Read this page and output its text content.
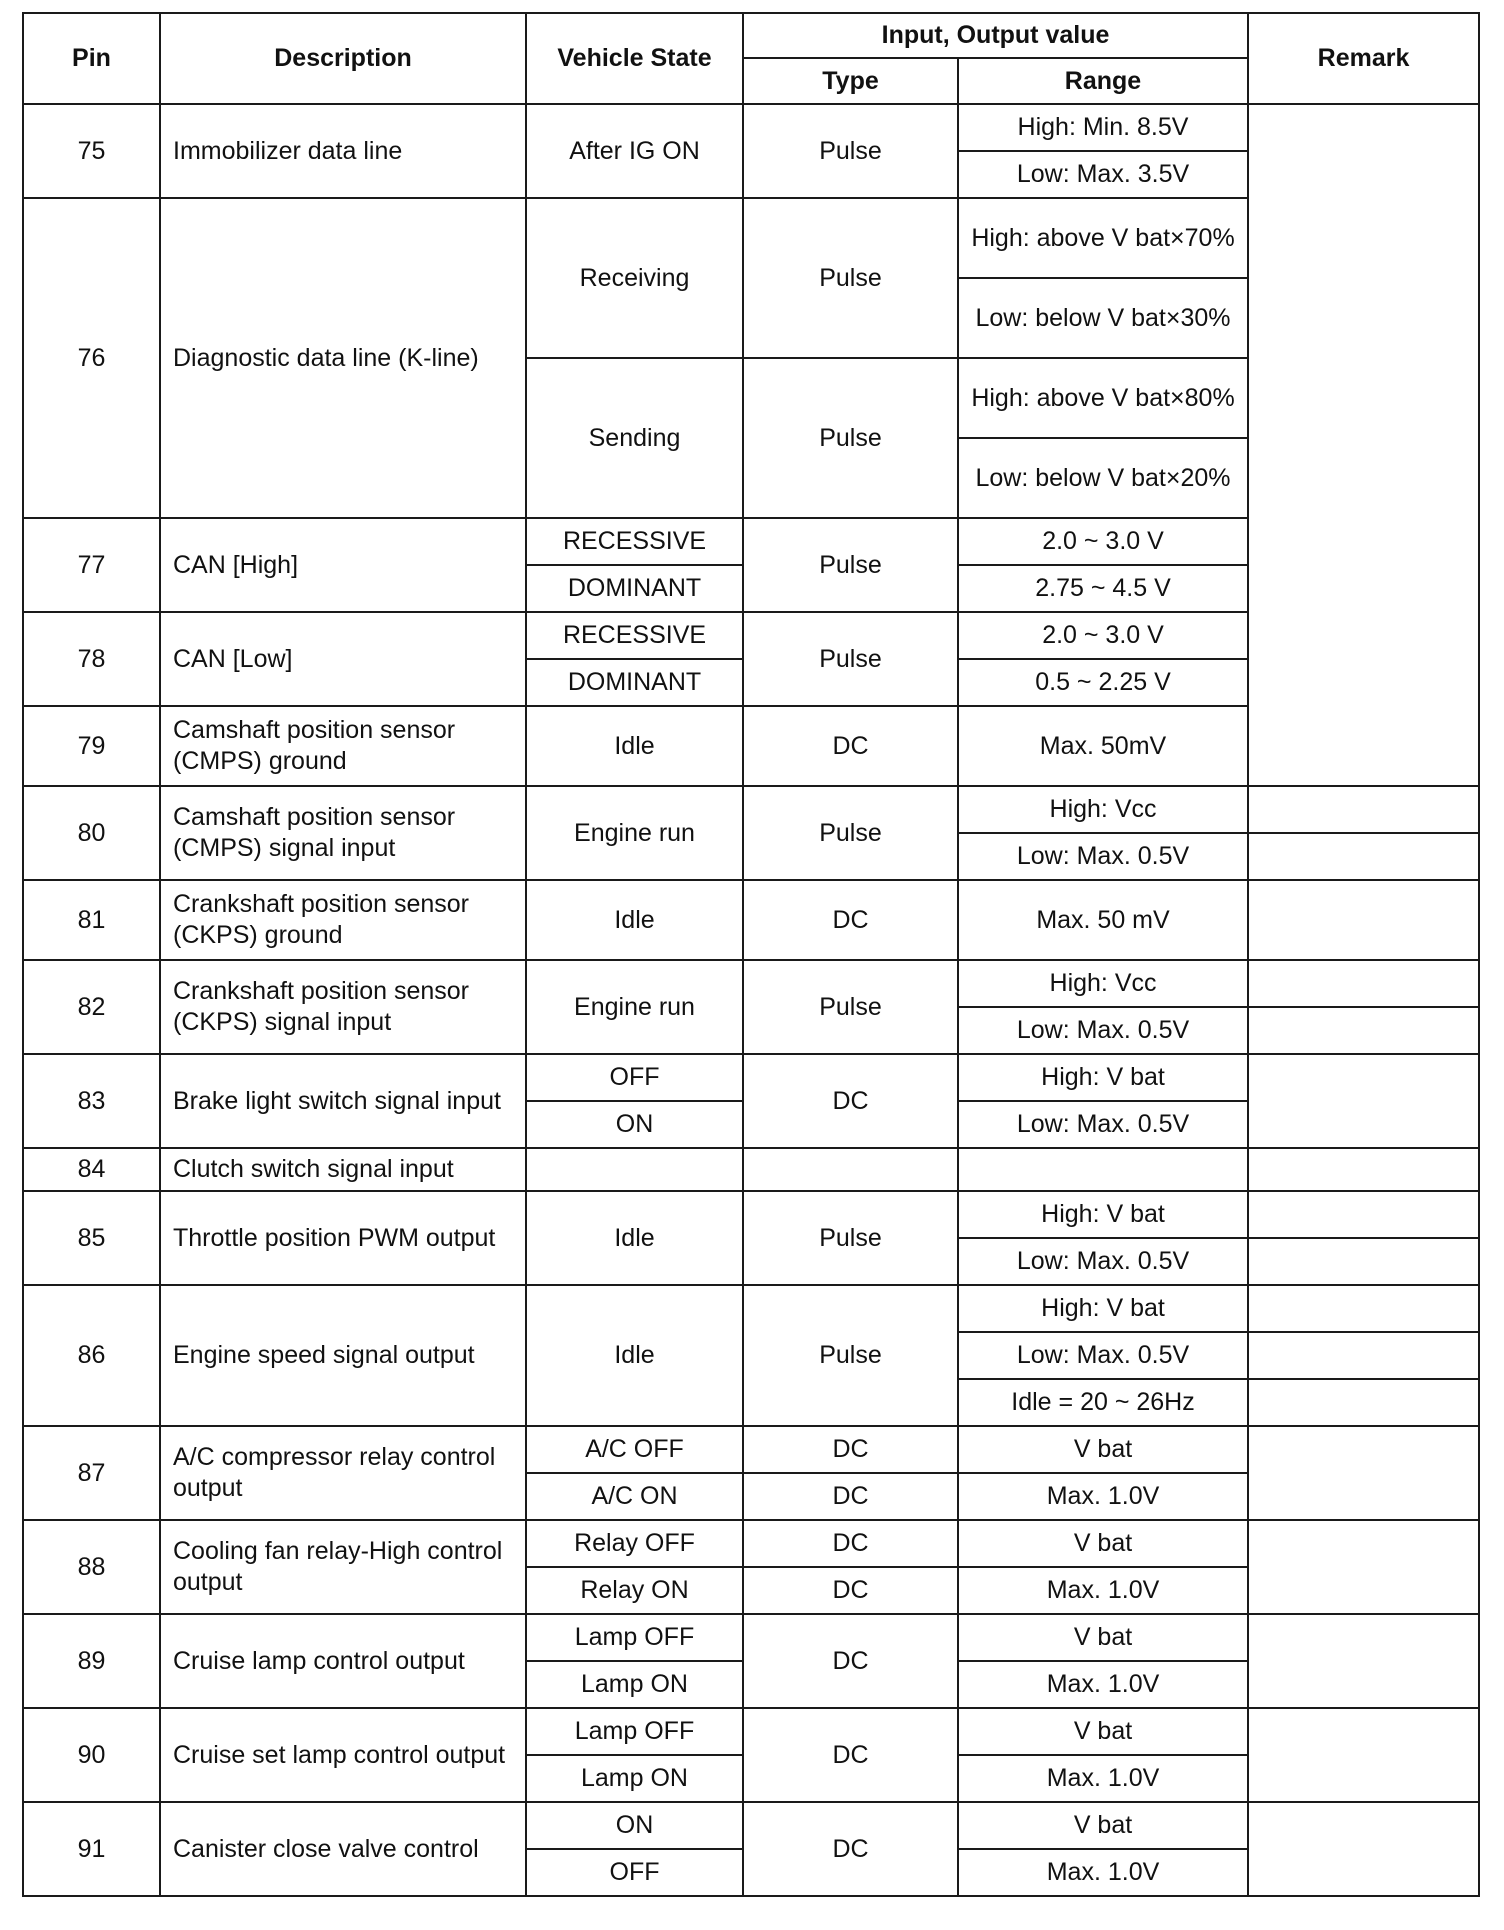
Pin	Description	Vehicle State	Input, Output value		Remark
			Type	Range	
75	Immobilizer data line	After IG ON	Pulse	High: Min. 8.5V	
				Low: Max. 3.5V	
76	Diagnostic data line (K-line)	Receiving	Pulse	High: above V bat×70%	
				Low: below V bat×30%	
		Sending	Pulse	High: above V bat×80%	
				Low: below V bat×20%	
77	CAN [High]	RECESSIVE	Pulse	2.0 ~ 3.0 V	
		DOMINANT		2.75 ~ 4.5 V	
78	CAN [Low]	RECESSIVE	Pulse	2.0 ~ 3.0 V	
		DOMINANT		0.5 ~ 2.25 V	
79	Camshaft position sensor (CMPS) ground	Idle	DC	Max. 50mV	
80	Camshaft position sensor (CMPS) signal input	Engine run	Pulse	High: Vcc	
				Low: Max. 0.5V	
81	Crankshaft position sensor (CKPS) ground	Idle	DC	Max. 50 mV	
82	Crankshaft position sensor (CKPS) signal input	Engine run	Pulse	High: Vcc	
				Low: Max. 0.5V	
83	Brake light switch signal input	OFF	DC	High: V bat	
		ON		Low: Max. 0.5V	
84	Clutch switch signal input				
85	Throttle position PWM output	Idle	Pulse	High: V bat	
				Low: Max. 0.5V	
86	Engine speed signal output	Idle	Pulse	High: V bat	
				Low: Max. 0.5V	
				Idle = 20 ~ 26Hz	
87	A/C compressor relay control output	A/C OFF	DC	V bat	
		A/C ON	DC	Max. 1.0V	
88	Cooling fan relay-High control output	Relay OFF	DC	V bat	
		Relay ON	DC	Max. 1.0V	
89	Cruise lamp control output	Lamp OFF	DC	V bat	
		Lamp ON		Max. 1.0V	
90	Cruise set lamp control output	Lamp OFF	DC	V bat	
		Lamp ON		Max. 1.0V	
91	Canister close valve control	ON	DC	V bat	
		OFF		Max. 1.0V	
